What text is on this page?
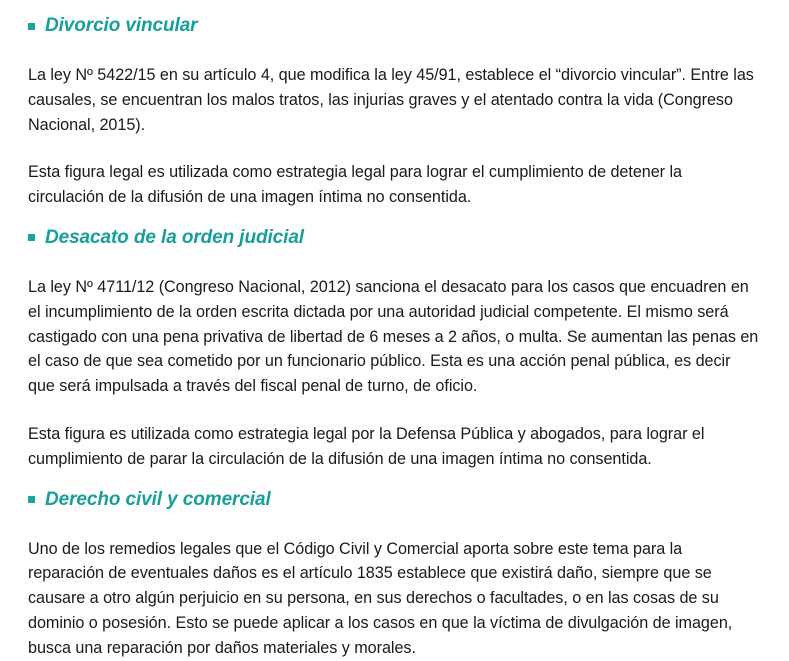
Divorcio vincular

La ley Nº 5422/15 en su artículo 4, que modifica la ley 45/91, establece el “divorcio vincular”. Entre las causales, se encuentran los malos tratos, las injurias graves y el atentado contra la vida (Congreso Nacional, 2015).

Esta figura legal es utilizada como estrategia legal para lograr el cumplimiento de detener la circulación de la difusión de una imagen íntima no consentida.

Desacato de la orden judicial

La ley Nº 4711/12 (Congreso Nacional, 2012) sanciona el desacato para los casos que encuadren en el incumplimiento de la orden escrita dictada por una autoridad judicial competente. El mismo será castigado con una pena privativa de libertad de 6 meses a 2 años, o multa. Se aumentan las penas en el caso de que sea cometido por un funcionario público. Esta es una acción penal pública, es decir que será impulsada a través del fiscal penal de turno, de oficio.

Esta figura es utilizada como estrategia legal por la Defensa Pública y abogados, para lograr el cumplimiento de parar la circulación de la difusión de una imagen íntima no consentida.

Derecho civil y comercial

Uno de los remedios legales que el Código Civil y Comercial aporta sobre este tema para la reparación de eventuales daños es el artículo 1835 establece que existirá daño, siempre que se causare a otro algún perjuicio en su persona, en sus derechos o facultades, o en las cosas de su dominio o posesión. Esto se puede aplicar a los casos en que la víctima de divulgación de imagen, busca una reparación por daños materiales y morales.
